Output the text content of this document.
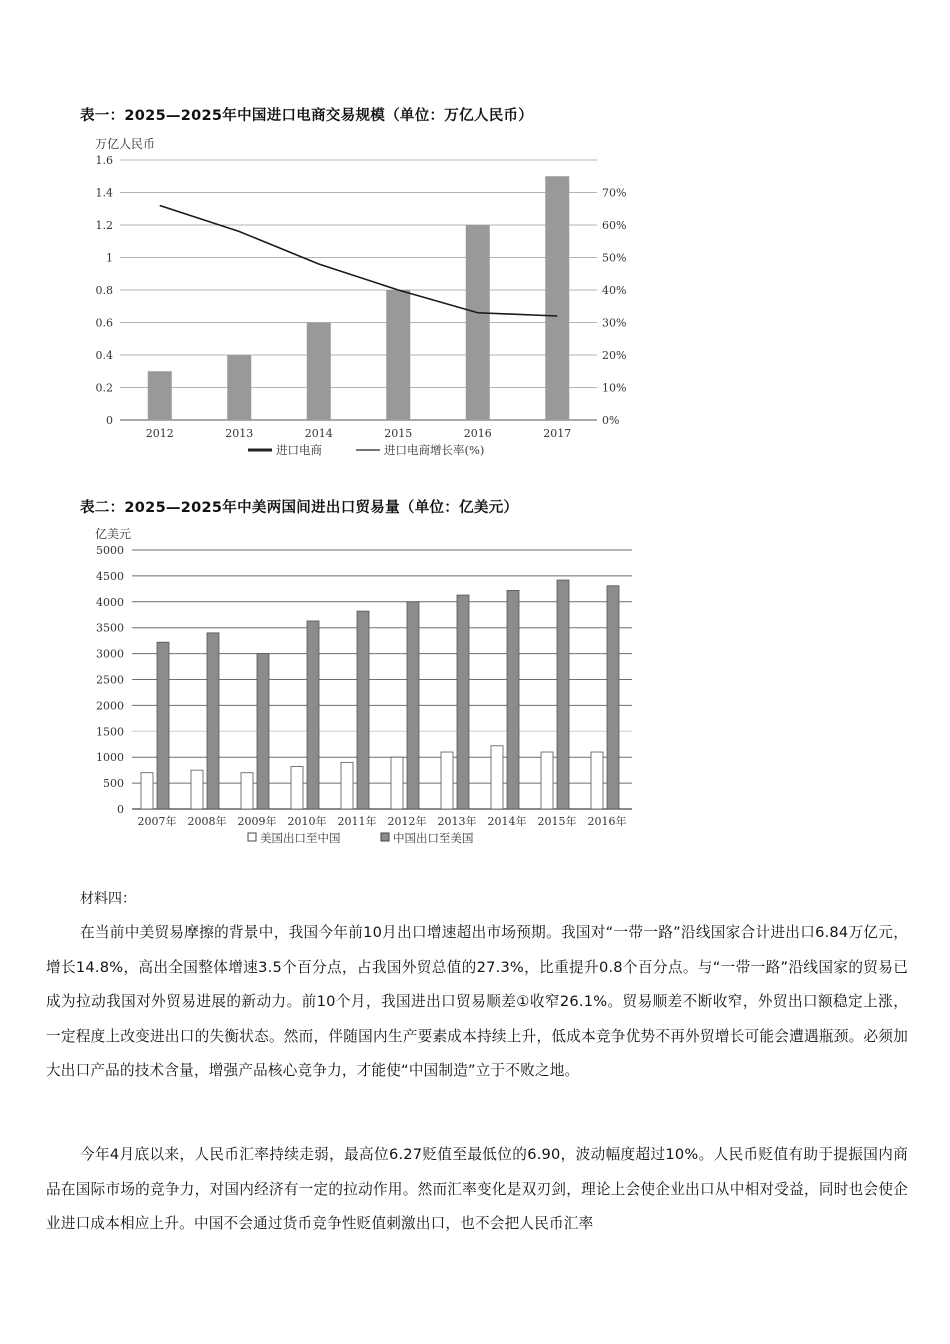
表一：2025—2025年中国进口电商交易规模（单位：万亿人民币）
万亿人民币
0
0.2
0.4
0.6
0.8
1
1.2
1.4
1.6
0%
10%
20%
30%
40%
50%
60%
70%
2012	2013	2014	2015	2016	2017
进口电商	进口电商增长率(%)
表二：2025—2025年中美两国间进出口贸易量（单位：亿美元）
亿美元
0
500
1000
1500
2000
2500
3000
3500
4000
4500
5000
2007年 2008年 2009年 2010年 2011年 2012年 2013年 2014年 2015年 2016年
美国出口至中国	中国出口至美国
材料四：
在当前中美贸易摩擦的背景中，我国今年前10月出口增速超出市场预期。我国对“一带一路”沿线国家合计进出口6.84万亿元，增长14.8%，高出全国整体增速3.5个百分点，占我国外贸总值的27.3%，比重提升0.8个百分点。与“一带一路”沿线国家的贸易已成为拉动我国对外贸易进展的新动力。前10个月，我国进出口贸易顺差①收窄26.1%。贸易顺差不断收窄，外贸出口额稳定上涨，一定程度上改变进出口的失衡状态。然而，伴随国内生产要素成本持续上升，低成本竞争优势不再外贸增长可能会遭遇瓶颈。必须加大出口产品的技术含量，增强产品核心竞争力，才能使“中国制造”立于不败之地。
今年4月底以来，人民币汇率持续走弱，最高位6.27贬值至最低位的6.90，波动幅度超过10%。人民币贬值有助于提振国内商品在国际市场的竞争力，对国内经济有一定的拉动作用。然而汇率变化是双刃剑，理论上会使企业出口从中相对受益，同时也会使企业进口成本相应上升。中国不会通过货币竞争性贬值刺激出口，也不会把人民币汇率
